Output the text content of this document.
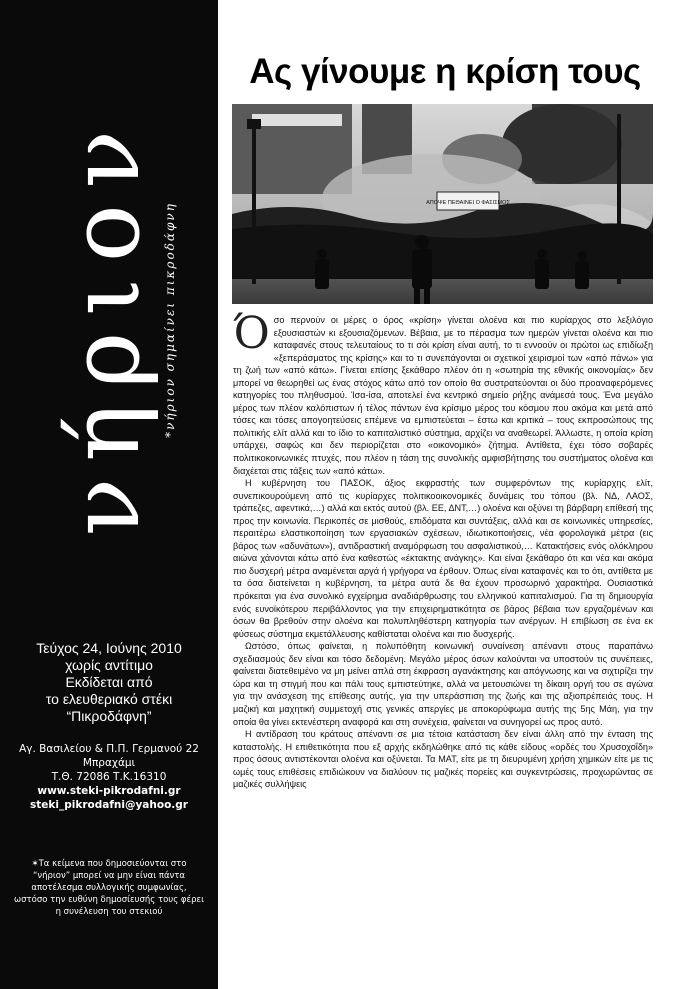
νήριον *νήριον σημαίνει πικροδάφνη
Τεύχος 24, Ιούνης 2010
χωρίς αντίτιμο
Εκδίδεται από
το ελευθεριακό στέκι
“Πικροδάφνη”
Αγ. Βασιλείου & Π.Π. Γερμανού 22
Μπραχάμι
Τ.Θ. 72086 Τ.Κ.16310
www.steki-pikrodafni.gr
steki_pikrodafni@yahoo.gr
✶Τα κείμενα που δημοσιεύονται στο “νήριον” μπορεί να μην είναι πάντα αποτέλεσμα συλλογικής συμφωνίας, ωστόσο την ευθύνη δημοσίευσής τους φέρει η συνέλευση του στεκιού
Ας γίνουμε η κρίση τους
ΑΠΟΨΕ ΠΕΘΑΙΝΕΙ Ο ΦΑΣΙΣΜΟΣ

Όσο περνούν οι μέρες ο όρος «κρίση» γίνεται ολοένα και πιο κυρίαρχος στο λεξιλόγιο εξουσιαστών κι εξουσιαζόμενων. Βέβαια, με το πέρασμα των ημερών γίνεται ολοένα και πιο καταφανές στους τελευταίους το τι σόι κρίση είναι αυτή, το τι εννοούν οι πρώτοι ως επιδίωξη «ξεπεράσματος της κρίσης» και το τι συνεπάγονται οι σχετικοί χειρισμοί των «από πάνω» για τη ζωή των «από κάτω». Γίνεται επίσης ξεκάθαρο πλέον ότι η «σωτηρία της εθνικής οικονομίας» δεν μπορεί να θεωρηθεί ως ένας στόχος κάτω από τον οποίο θα συστρατεύονται οι δύο προαναφερόμενες κατηγορίες του πληθυσμού. Ίσα-ίσα, αποτελεί ένα κεντρικό σημείο ρήξης ανάμεσά τους. Ένα μεγάλο μέρος των πλέον καλόπιστων ή τέλος πάντων ένα κρίσιμο μέρος του κόσμου που ακόμα και μετά από τόσες και τόσες απογοητεύσεις επέμενε να εμπιστεύεται – έστω και κριτικά – τους εκπροσώπους της πολιτικής ελίτ αλλά και το ίδιο το καπιταλιστικό σύστημα, αρχίζει να αναθεωρεί. Άλλωστε, η οποία κρίση υπάρχει, σαφώς και δεν περιορίζεται στο «οικονομικό» ζήτημα. Αντίθετα, έχει τόσο σοβαρές πολιτικοκοινωνικές πτυχές, που πλέον η τάση της συνολικής αμφισβήτησης του συστήματος ολοένα και διαχέεται στις τάξεις των «από κάτω».

Η κυβέρνηση του ΠΑΣΟΚ, άξιος εκφραστής των συμφερόντων της κυρίαρχης ελίτ, συνεπικουρούμενη από τις κυρίαρχες πολιτικοοικονομικές δυνάμεις του τόπου (βλ. ΝΔ, ΛΑΟΣ, τράπεζες, αφεντικά,…) αλλά και εκτός αυτού (βλ. ΕΕ, ΔΝΤ,…) ολοένα και οξύνει τη βάρβαρη επίθεσή της προς την κοινωνία. Περικοπές σε μισθούς, επιδόματα και συντάξεις, αλλά και σε κοινωνικές υπηρεσίες, περαιτέρω ελαστικοποίηση των εργασιακών σχέσεων, ιδιωτικοποιήσεις, νέα φορολογικά μέτρα (εις βάρος των «αδυνάτων»), αντιδραστική αναμόρφωση του ασφαλιστικού,… Κατακτήσεις ενός ολόκληρου αιώνα χάνονται κάτω από ένα καθεστώς «έκτακτης ανάγκης». Και είναι ξεκάθαρο ότι και νέα και ακόμα πιο δυσχερή μέτρα αναμένεται αργά ή γρήγορα να έρθουν. Όπως είναι καταφανές και το ότι, αντίθετα με τα όσα διατείνεται η κυβέρνηση, τα μέτρα αυτά δε θα έχουν προσωρινό χαρακτήρα. Ουσιαστικά πρόκειται για ένα συνολικό εγχείρημα αναδιάρθρωσης του ελληνικού καπιταλισμού. Για τη δημιουργία ενός ευνοϊκότερου περιβάλλοντος για την επιχειρηματικότητα σε βάρος βέβαια των εργαζομένων και όσων θα βρεθούν στην ολοένα και πολυπληθέστερη κατηγορία των ανέργων. Η επιβίωση σε ένα εκ φύσεως σύστημα εκμετάλλευσης καθίσταται ολοένα και πιο δυσχερής.

Ωστόσο, όπως φαίνεται, η πολυπόθητη κοινωνική συναίνεση απέναντι στους παραπάνω σχεδιασμούς δεν είναι και τόσο δεδομένη. Μεγάλο μέρος όσων καλούνται να υποστούν τις συνέπειες, φαίνεται διατεθειμένο να μη μείνει απλά στη έκφραση αγανάκτησης και απόγνωσης και να σιχτιρίζει την ώρα και τη στιγμή που και πάλι τους εμπιστεύτηκε, αλλά να μετουσιώνει τη δίκαιη οργή του σε αγώνα για την ανάσχεση της επίθεσης αυτής, για την υπεράσπιση της ζωής και της αξιοπρέπειάς τους. Η μαζική και μαχητική συμμετοχή στις γενικές απεργίες με αποκορύφωμα αυτής της 5ης Μάη, για την οποία θα γίνει εκτενέστερη αναφορά και στη συνέχεια, φαίνεται να συνηγορεί ως προς αυτό.

Η αντίδραση του κράτους απέναντι σε μια τέτοια κατάσταση δεν είναι άλλη από την ένταση της καταστολής. Η επιθετικότητα που εξ αρχής εκδηλώθηκε από τις κάθε είδους «ορδές του Χρυσοχοΐδη» προς όσους αντιστέκονται ολοένα και οξύνεται. Τα ΜΑΤ, είτε με τη διευρυμένη χρήση χημικών είτε με τις ωμές τους επιθέσεις επιδιώκουν να διαλύουν τις μαζικές πορείες και συγκεντρώσεις, προχωρώντας σε μαζικές συλλήψεις
